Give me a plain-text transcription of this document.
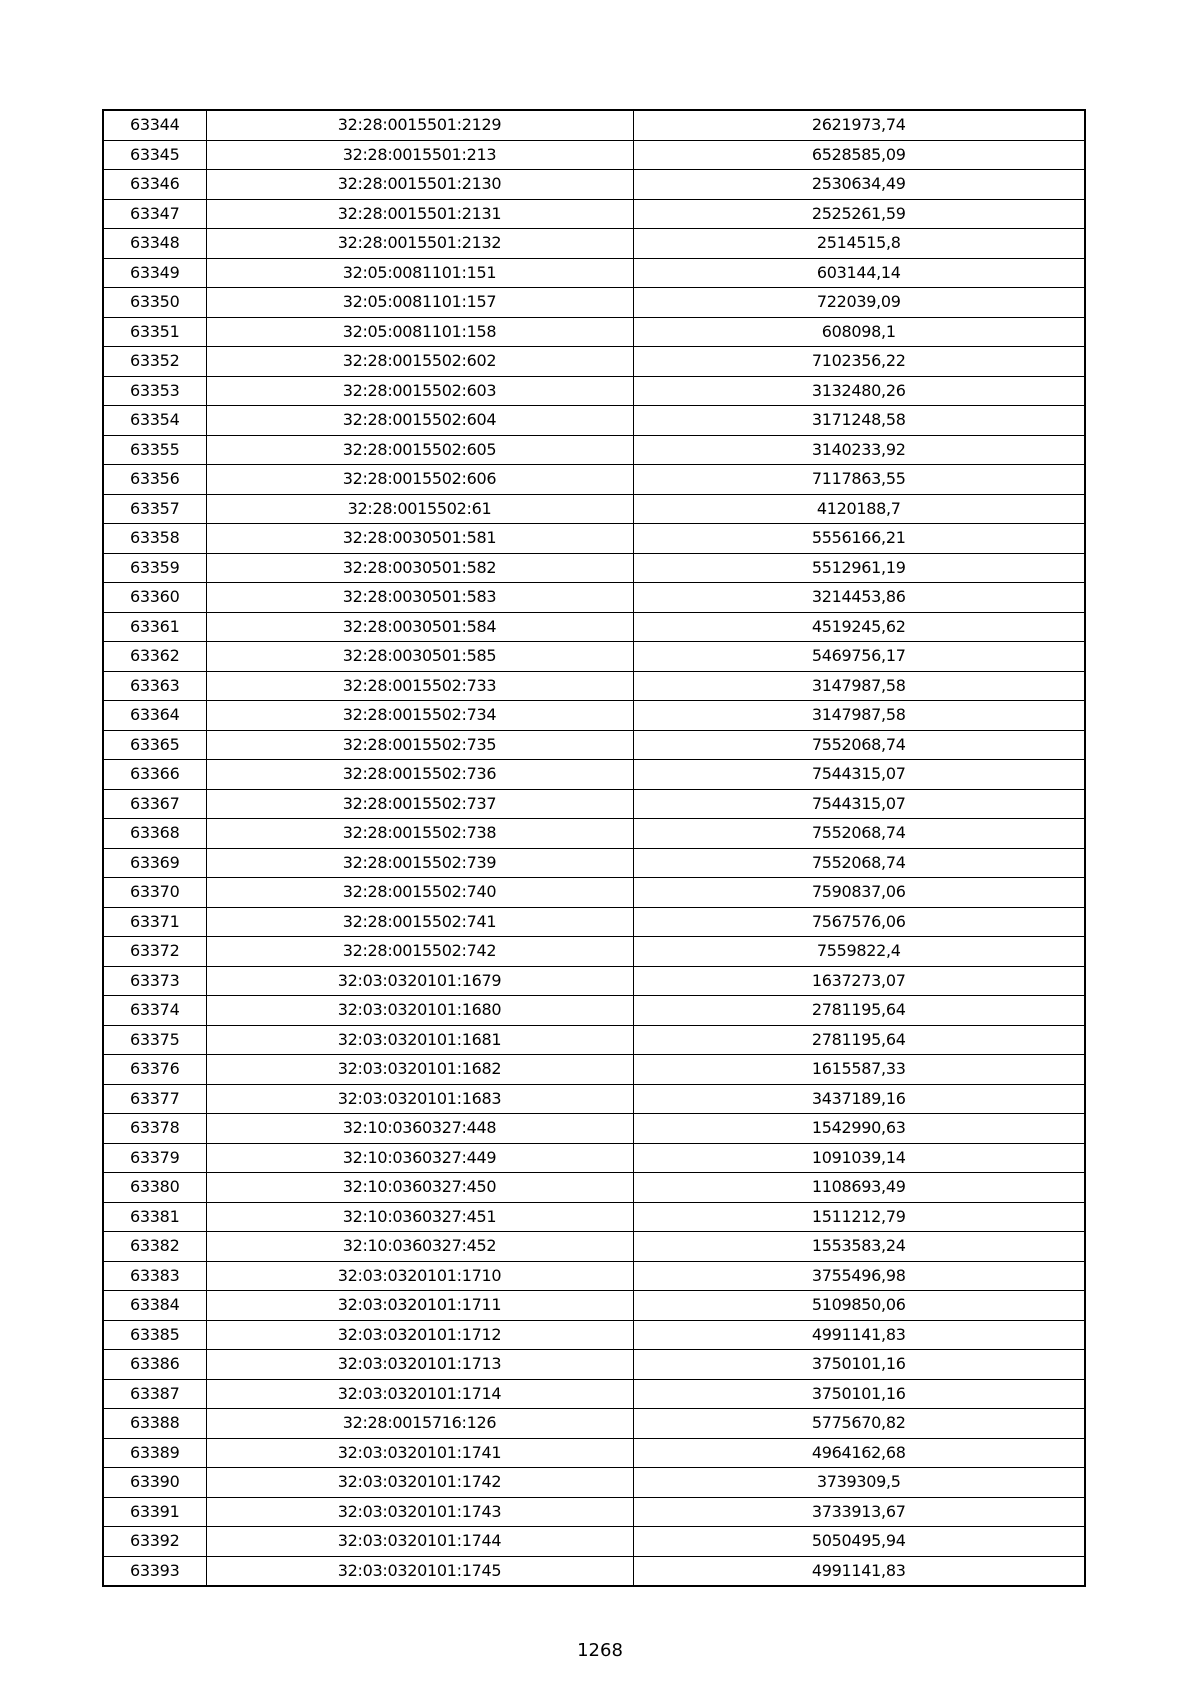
63344	32:28:0015501:2129	2621973,74
63345	32:28:0015501:213	6528585,09
63346	32:28:0015501:2130	2530634,49
63347	32:28:0015501:2131	2525261,59
63348	32:28:0015501:2132	2514515,8
63349	32:05:0081101:151	603144,14
63350	32:05:0081101:157	722039,09
63351	32:05:0081101:158	608098,1
63352	32:28:0015502:602	7102356,22
63353	32:28:0015502:603	3132480,26
63354	32:28:0015502:604	3171248,58
63355	32:28:0015502:605	3140233,92
63356	32:28:0015502:606	7117863,55
63357	32:28:0015502:61	4120188,7
63358	32:28:0030501:581	5556166,21
63359	32:28:0030501:582	5512961,19
63360	32:28:0030501:583	3214453,86
63361	32:28:0030501:584	4519245,62
63362	32:28:0030501:585	5469756,17
63363	32:28:0015502:733	3147987,58
63364	32:28:0015502:734	3147987,58
63365	32:28:0015502:735	7552068,74
63366	32:28:0015502:736	7544315,07
63367	32:28:0015502:737	7544315,07
63368	32:28:0015502:738	7552068,74
63369	32:28:0015502:739	7552068,74
63370	32:28:0015502:740	7590837,06
63371	32:28:0015502:741	7567576,06
63372	32:28:0015502:742	7559822,4
63373	32:03:0320101:1679	1637273,07
63374	32:03:0320101:1680	2781195,64
63375	32:03:0320101:1681	2781195,64
63376	32:03:0320101:1682	1615587,33
63377	32:03:0320101:1683	3437189,16
63378	32:10:0360327:448	1542990,63
63379	32:10:0360327:449	1091039,14
63380	32:10:0360327:450	1108693,49
63381	32:10:0360327:451	1511212,79
63382	32:10:0360327:452	1553583,24
63383	32:03:0320101:1710	3755496,98
63384	32:03:0320101:1711	5109850,06
63385	32:03:0320101:1712	4991141,83
63386	32:03:0320101:1713	3750101,16
63387	32:03:0320101:1714	3750101,16
63388	32:28:0015716:126	5775670,82
63389	32:03:0320101:1741	4964162,68
63390	32:03:0320101:1742	3739309,5
63391	32:03:0320101:1743	3733913,67
63392	32:03:0320101:1744	5050495,94
63393	32:03:0320101:1745	4991141,83
1268
